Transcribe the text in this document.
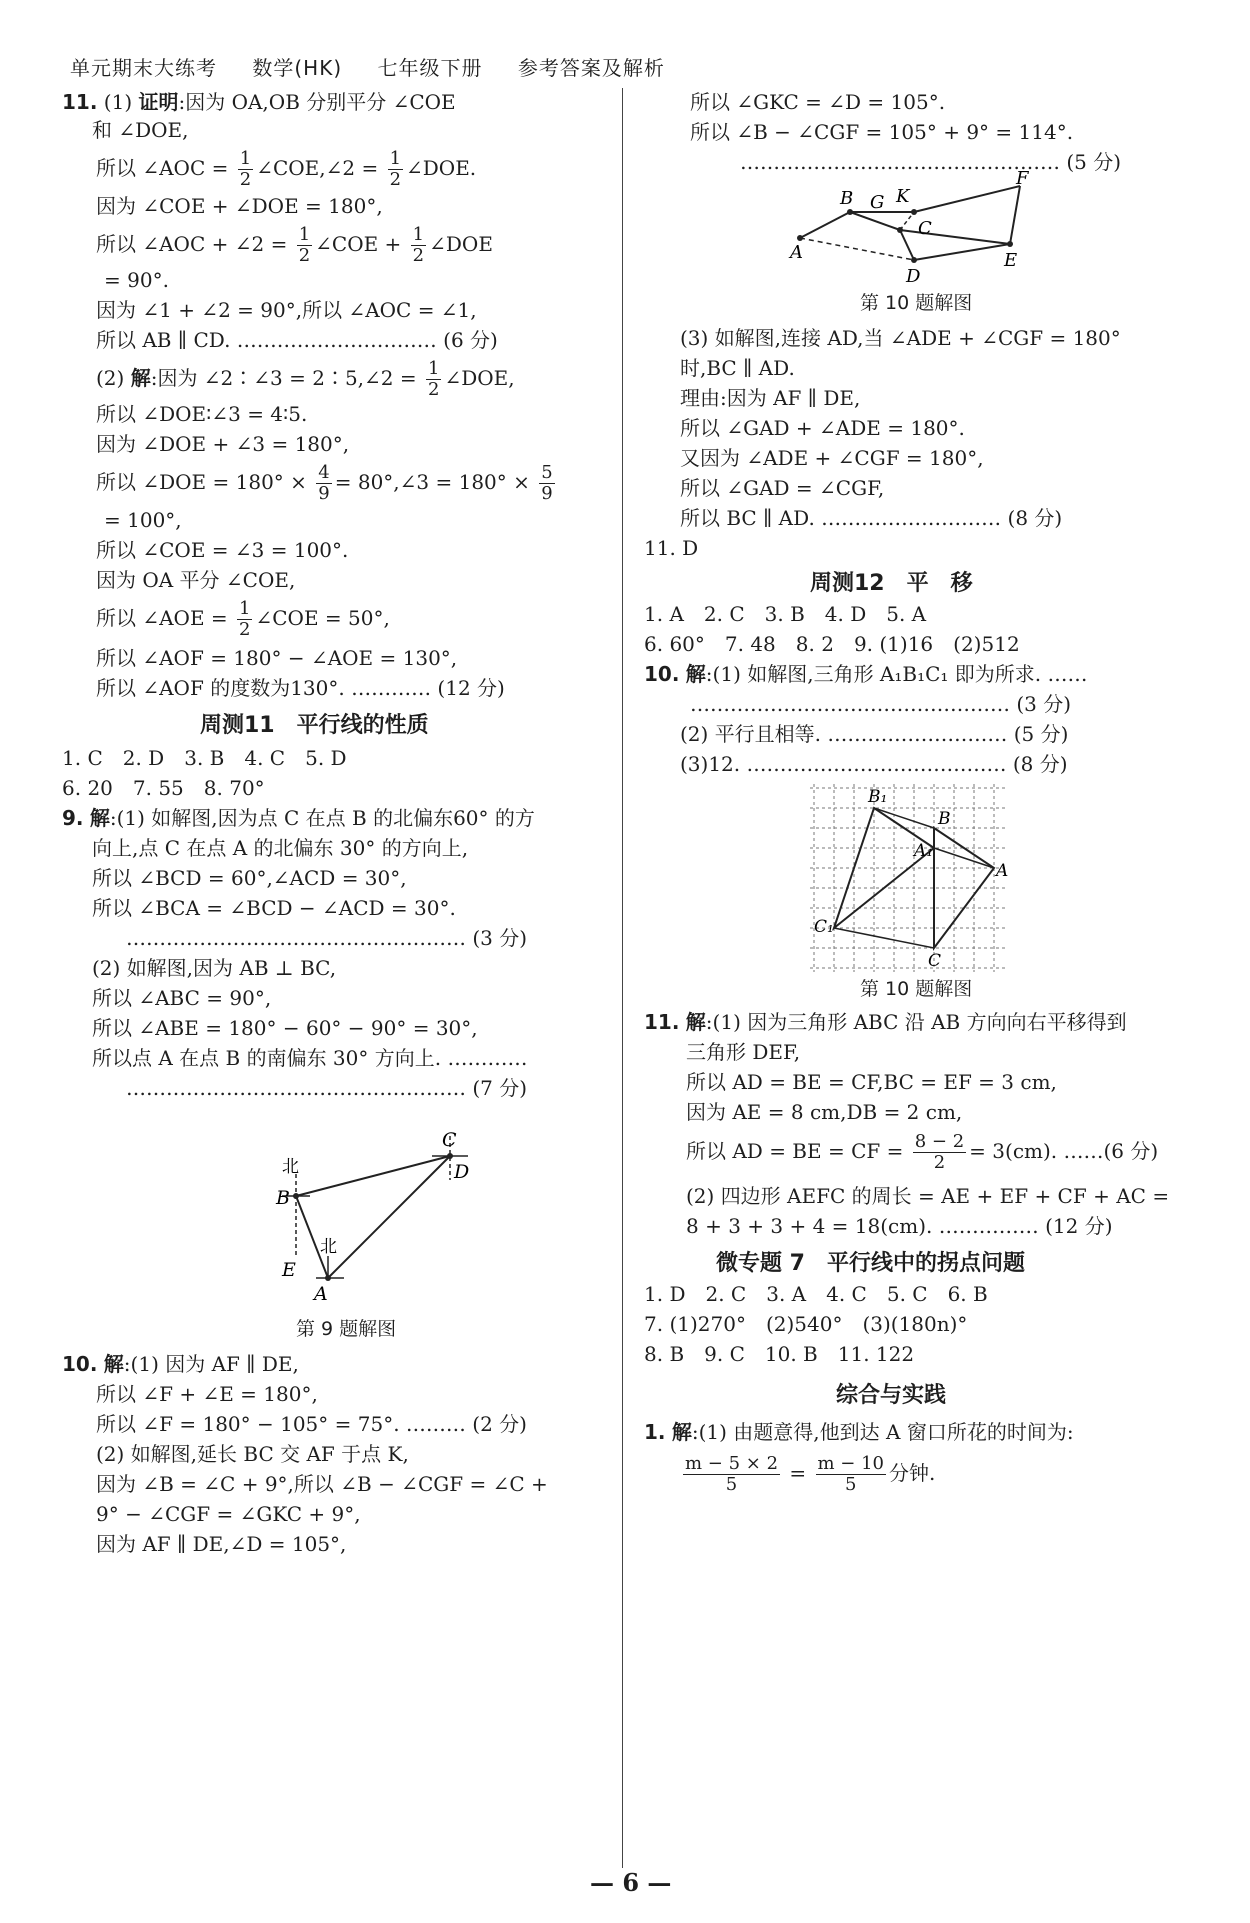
单元期末大练考 数学(HK) 七年级下册 参考答案及解析
11. (1) 证明:因为 OA,OB 分别平分 ∠COE
和 ∠DOE,
所以 ∠AOC = $\frac{1}{2}$ ∠COE,∠2 = $\frac{1}{2}$ ∠DOE.
因为 ∠COE + ∠DOE = 180°,
所以 ∠AOC + ∠2 = $\frac{1}{2}$ ∠COE + $\frac{1}{2}$ ∠DOE
= 90°.
因为 ∠1 + ∠2 = 90°,所以 ∠AOC = ∠1,
所以 AB ∥ CD. ………………………… (6 分)
(2) 解:因为 ∠2∶∠3 = 2∶5,∠2 = $\frac{1}{2}$ ∠DOE,
所以 ∠DOE∶∠3 = 4∶5.
因为 ∠DOE + ∠3 = 180°,
所以 ∠DOE = $180^\circ \times \frac{4}{9}$ = 80°,∠3 = $180^\circ \times \frac{5}{9}$
= 100°,
所以 ∠COE = ∠3 = 100°.
因为 OA 平分 ∠COE,
所以 ∠AOE = $\frac{1}{2}$ ∠COE = 50°,
所以 ∠AOF = 180° − ∠AOE = 130°,
所以 ∠AOF 的度数为130°. ………… (12 分)
周测11　平行线的性质
1. C　2. D　3. B　4. C　5. D
6. 20　7. 55　8. 70°
9. 解:(1) 如解图,因为点 C 在点 B 的北偏东60° 的方
向上,点 C 在点 A 的北偏东 30° 的方向上,
所以 ∠BCD = 60°,∠ACD = 30°,
所以 ∠BCA = ∠BCD − ∠ACD = 30°.
…………………………………………… (3 分)
(2) 如解图,因为 AB ⊥ BC,
所以 ∠ABC = 90°,
所以 ∠ABE = 180° − 60° − 90° = 30°,
所以点 A 在点 B 的南偏东 30° 方向上. …………
…………………………………………… (7 分)
C
D
B
E
A
北
北
第 9 题解图
10. 解:(1) 因为 AF ∥ DE,
所以 ∠F + ∠E = 180°,
所以 ∠F = 180° − 105° = 75°. ……… (2 分)
(2) 如解图,延长 BC 交 AF 于点 K,
因为 ∠B = ∠C + 9°,所以 ∠B − ∠CGF = ∠C +
9° − ∠CGF = ∠GKC + 9°,
因为 AF ∥ DE,∠D = 105°,
所以 ∠GKC = ∠D = 105°.
所以 ∠B − ∠CGF = 105° + 9° = 114°.
………………………………………… (5 分)
B G K
C
F
A
D
E
第 10 题解图
(3) 如解图,连接 AD,当 ∠ADE + ∠CGF = 180°
时,BC ∥ AD.
理由:因为 AF ∥ DE,
所以 ∠GAD + ∠ADE = 180°.
又因为 ∠ADE + ∠CGF = 180°,
所以 ∠GAD = ∠CGF,
所以 BC ∥ AD. ……………………… (8 分)
11. D
周测12　平　移
1. A　2. C　3. B　4. D　5. A
6. 60°　7. 48　8. 2　9. (1)16　(2)512
10. 解:(1) 如解图,三角形 A₁B₁C₁ 即为所求. ……
………………………………………… (3 分)
(2) 平行且相等. ……………………… (5 分)
(3)12. ………………………………… (8 分)
B₁
B
A₁
A
C₁
C
第 10 题解图
11. 解:(1) 因为三角形 ABC 沿 AB 方向向右平移得到
三角形 DEF,
所以 AD = BE = CF,BC = EF = 3 cm,
因为 AE = 8 cm,DB = 2 cm,
所以 AD = BE = CF = $\frac{8 - 2}{2} = 3(cm)$. ……(6 分)
(2) 四边形 AEFC 的周长 = AE + EF + CF + AC =
8 + 3 + 3 + 4 = 18(cm). …………… (12 分)
微专题 7　平行线中的拐点问题
1. D　2. C　3. A　4. C　5. C　6. B
7. (1)270°　(2)540°　(3)(180n)°
8. B　9. C　10. B　11. 122
综合与实践
1. 解:(1) 由题意得,他到达 A 窗口所花的时间为:
$\frac{m - 5 \times 2}{5} = \frac{m - 10}{5}$ 分钟.
— 6 —
